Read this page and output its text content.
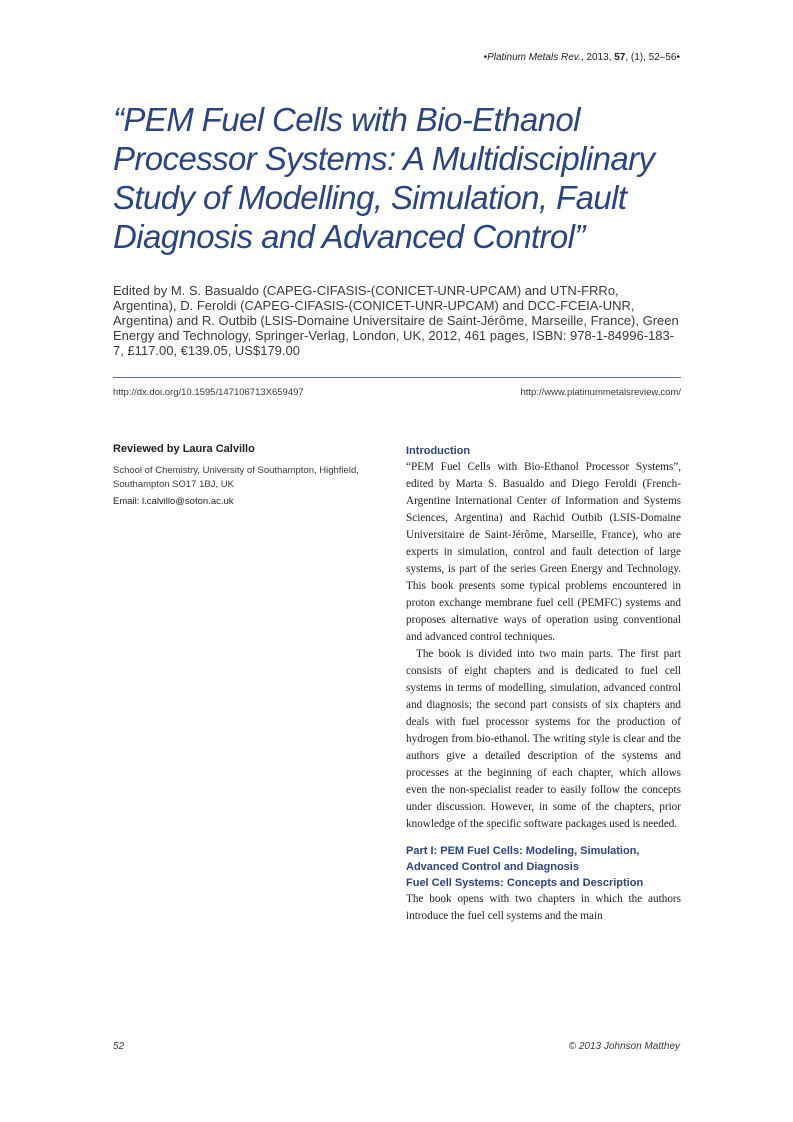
•Platinum Metals Rev., 2013, 57, (1), 52–56•
“PEM Fuel Cells with Bio-Ethanol Processor Systems: A Multidisciplinary Study of Modelling, Simulation, Fault Diagnosis and Advanced Control”

Edited by M. S. Basualdo (CAPEG-CIFASIS-(CONICET-UNR-UPCAM) and UTN-FRRo, Argentina), D. Feroldi (CAPEG-CIFASIS-(CONICET-UNR-UPCAM) and DCC-FCEIA-UNR, Argentina) and R. Outbib (LSIS-Domaine Universitaire de Saint-Jérôme, Marseille, France), Green Energy and Technology, Springer-Verlag, London, UK, 2012, 461 pages, ISBN: 978-1-84996-183-7, £117.00, €139.05, US$179.00

http://dx.doi.org/10.1595/147106713X659497	http://www.platinummetalsreview.com/

Reviewed by Laura Calvillo

School of Chemistry, University of Southampton, Highfield, Southampton SO17 1BJ, UK

Email: l.calvillo@soton.ac.uk

Introduction

“PEM Fuel Cells with Bio-Ethanol Processor Systems”, edited by Marta S. Basualdo and Diego Feroldi (French-Argentine International Center of Information and Systems Sciences, Argentina) and Rachid Outbib (LSIS-Domaine Universitaire de Saint-Jérôme, Marseille, France), who are experts in simulation, control and fault detection of large systems, is part of the series Green Energy and Technology. This book presents some typical problems encountered in proton exchange membrane fuel cell (PEMFC) systems and proposes alternative ways of operation using conventional and advanced control techniques.

The book is divided into two main parts. The first part consists of eight chapters and is dedicated to fuel cell systems in terms of modelling, simulation, advanced control and diagnosis; the second part consists of six chapters and deals with fuel processor systems for the production of hydrogen from bio-ethanol. The writing style is clear and the authors give a detailed description of the systems and processes at the beginning of each chapter, which allows even the non-specialist reader to easily follow the concepts under discussion. However, in some of the chapters, prior knowledge of the specific software packages used is needed.

Part I: PEM Fuel Cells: Modeling, Simulation, Advanced Control and Diagnosis

Fuel Cell Systems: Concepts and Description

The book opens with two chapters in which the authors introduce the fuel cell systems and the main

52	© 2013 Johnson Matthey
